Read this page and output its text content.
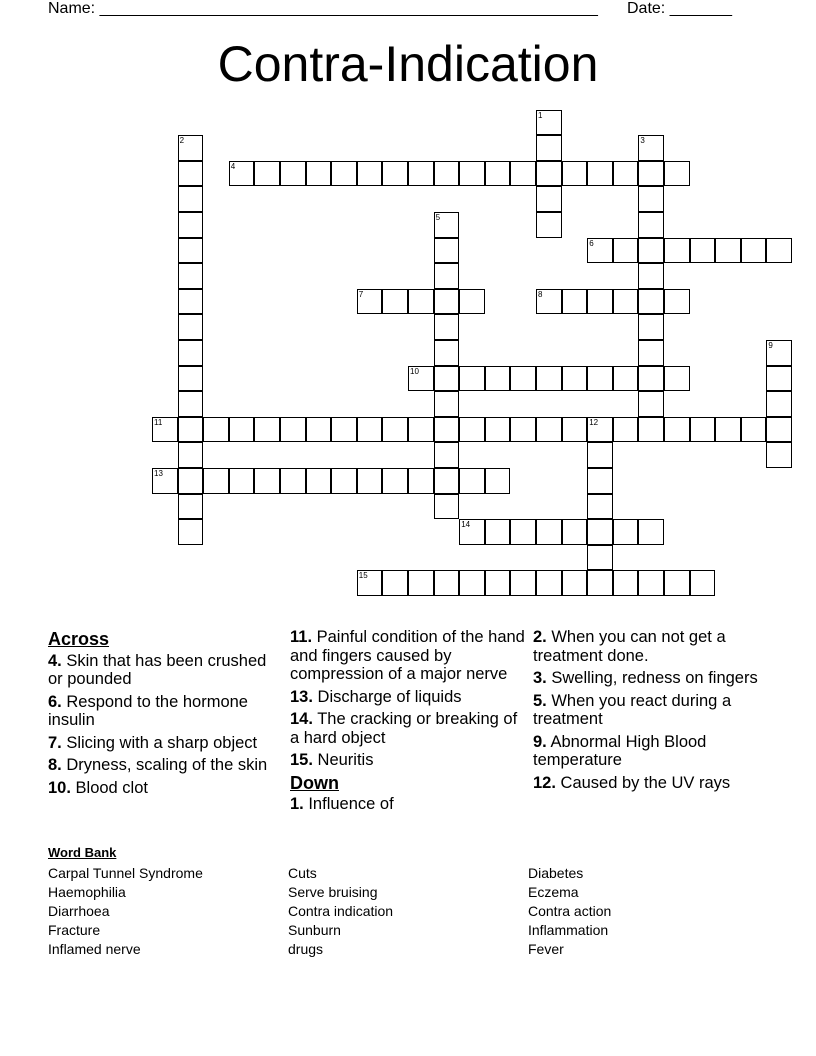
Name: ________________________________________________________ Date: _______
Contra-Indication
1
2	3
4
5
6
7	8
9
10
11	12
13
14
15
Across
4. Skin that has been crushed or pounded
6. Respond to the hormone insulin
7. Slicing with a sharp object
8. Dryness, scaling of the skin
10. Blood clot
11. Painful condition of the hand and fingers caused by compression of a major nerve
13. Discharge of liquids
14. The cracking or breaking of a hard object
15. Neuritis
Down
1. Influence of
2. When you can not get a treatment done.
3. Swelling, redness on fingers
5. When you react during a treatment
9. Abnormal High Blood temperature
12. Caused by the UV rays
Word Bank
Carpal Tunnel Syndrome
Haemophilia
Diarrhoea
Fracture
Inflamed nerve
Cuts
Serve bruising
Contra indication
Sunburn
drugs
Diabetes
Eczema
Contra action
Inflammation
Fever
